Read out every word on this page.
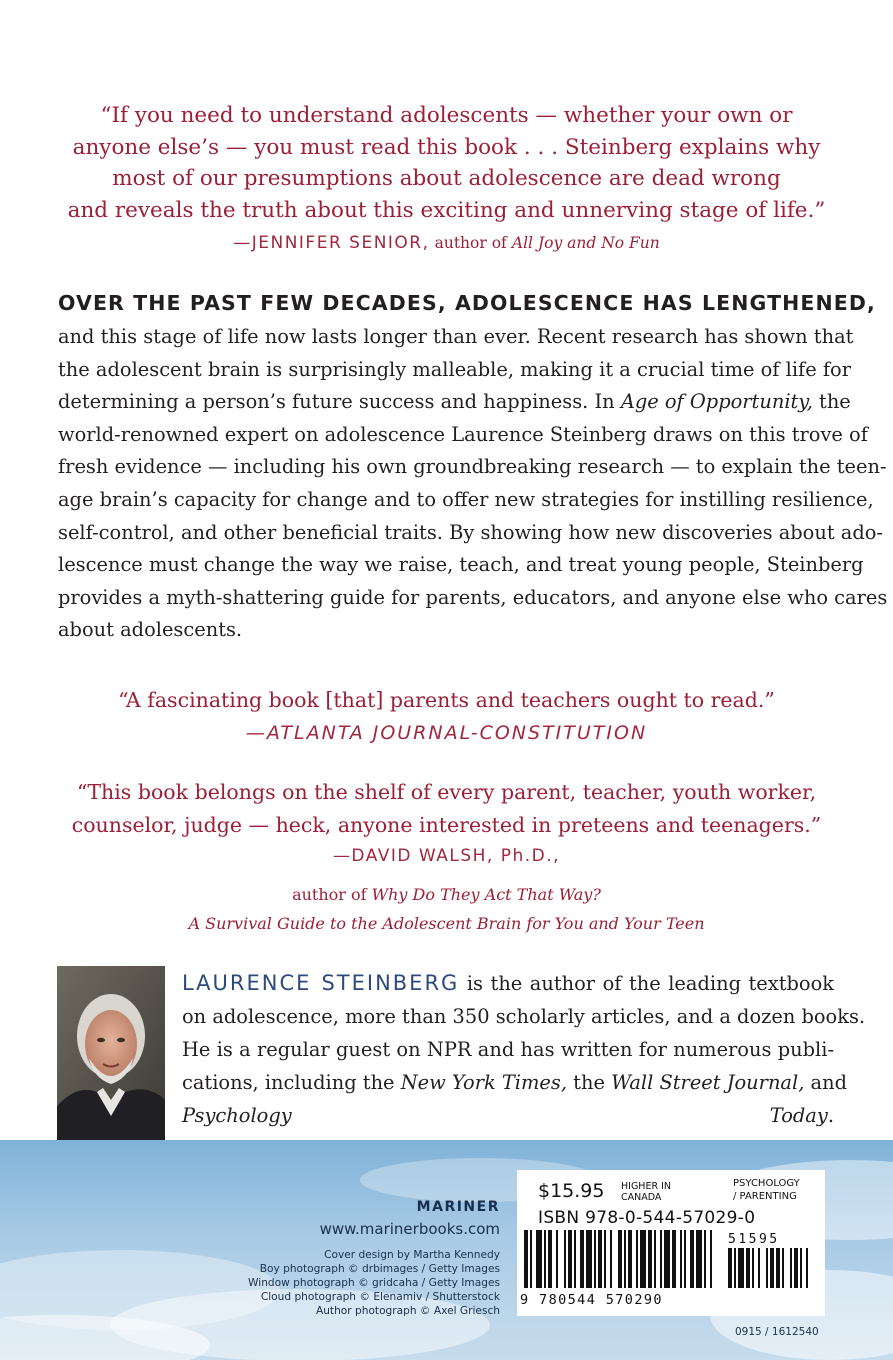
“If you need to understand adolescents — whether your own or
anyone else’s — you must read this book . . . Steinberg explains why
most of our presumptions about adolescence are dead wrong
and reveals the truth about this exciting and unnerving stage of life.”
—JENNIFER SENIOR, author of All Joy and No Fun
OVER THE PAST FEW DECADES, ADOLESCENCE HAS LENGTHENED,
and this stage of life now lasts longer than ever. Recent research has shown that
the adolescent brain is surprisingly malleable, making it a crucial time of life for
determining a person’s future success and happiness. In Age of Opportunity, the
world-renowned expert on adolescence Laurence Steinberg draws on this trove of
fresh evidence — including his own groundbreaking research — to explain the teen-
age brain’s capacity for change and to offer new strategies for instilling resilience,
self-control, and other beneficial traits. By showing how new discoveries about ado-
lescence must change the way we raise, teach, and treat young people, Steinberg
provides a myth-shattering guide for parents, educators, and anyone else who cares
about adolescents.
“A fascinating book [that] parents and teachers ought to read.”
—ATLANTA JOURNAL-CONSTITUTION
“This book belongs on the shelf of every parent, teacher, youth worker,
counselor, judge — heck, anyone interested in preteens and teenagers.”
—DAVID WALSH, Ph.D.,
author of Why Do They Act That Way?
A Survival Guide to the Adolescent Brain for You and Your Teen
LAURENCE STEINBERG is the author of the leading textbook
on adolescence, more than 350 scholarly articles, and a dozen books.
He is a regular guest on NPR and has written for numerous publi-
cations, including the New York Times, the Wall Street Journal, and
Psychology Today.
MARINER
www.marinerbooks.com
Cover design by Martha Kennedy
Boy photograph © drbimages / Getty Images
Window photograph © gridcaha / Getty Images
Cloud photograph © Elenamiv / Shutterstock
Author photograph © Axel Griesch
$15.95 HIGHER IN
CANADA
PSYCHOLOGY
/ PARENTING
ISBN 978-0-544-57029-0
51595
9 780544 570290
0915 / 1612540
